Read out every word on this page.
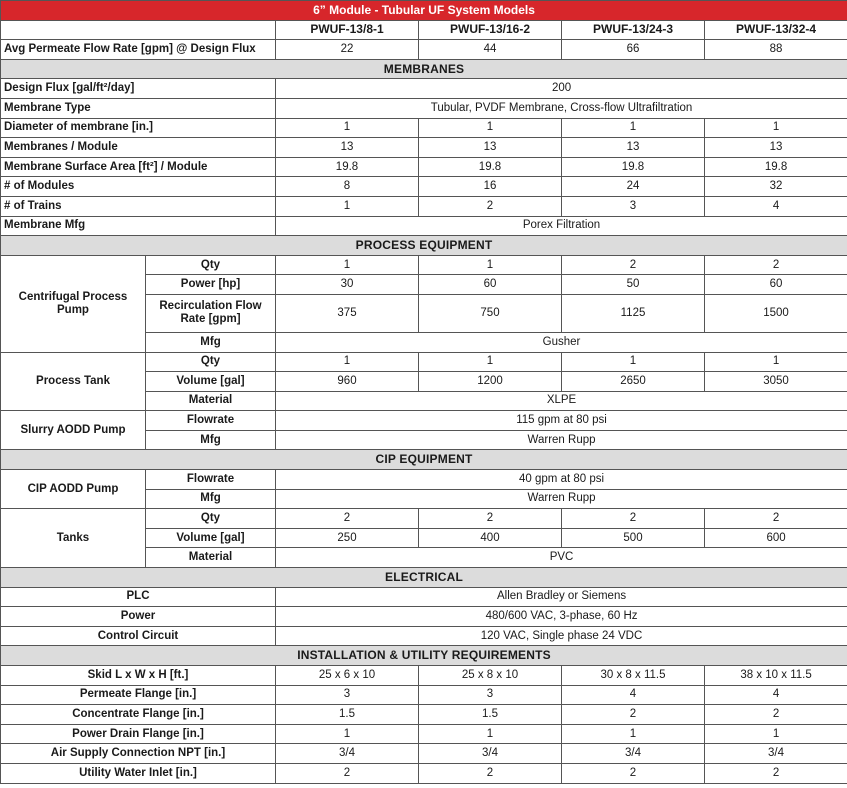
6” Module - Tubular UF System Models					
		PWUF-13/8-1	PWUF-13/16-2	PWUF-13/24-3	PWUF-13/32-4
Avg Permeate Flow Rate [gpm] @ Design Flux		22	44	66	88
MEMBRANES					
Design Flux [gal/ft²/day]		200			
Membrane Type		Tubular, PVDF Membrane, Cross-flow Ultrafiltration			
Diameter of membrane [in.]		1	1	1	1
Membranes / Module		13	13	13	13
Membrane Surface Area [ft²] / Module		19.8	19.8	19.8	19.8
# of Modules		8	16	24	32
# of Trains		1	2	3	4
Membrane Mfg		Porex Filtration			
PROCESS EQUIPMENT					
Centrifugal Process Pump	Qty	1	1	2	2
	Power [hp]	30	60	50	60
	Recirculation Flow Rate [gpm]	375	750	1125	1500
	Mfg	Gusher			
Process Tank	Qty	1	1	1	1
	Volume [gal]	960	1200	2650	3050
	Material	XLPE			
Slurry AODD Pump	Flowrate	115 gpm at 80 psi			
	Mfg	Warren Rupp			
CIP EQUIPMENT					
CIP AODD Pump	Flowrate	40 gpm at 80 psi			
	Mfg	Warren Rupp			
Tanks	Qty	2	2	2	2
	Volume [gal]	250	400	500	600
	Material	PVC			
ELECTRICAL					
PLC		Allen Bradley or Siemens			
Power		480/600 VAC, 3-phase, 60 Hz			
Control Circuit		120 VAC, Single phase 24 VDC			
INSTALLATION & UTILITY REQUIREMENTS					
Skid L x W x H [ft.]		25 x 6 x 10	25 x 8 x 10	30 x 8 x 11.5	38 x 10 x 11.5
Permeate Flange [in.]		3	3	4	4
Concentrate Flange [in.]		1.5	1.5	2	2
Power Drain Flange [in.]		1	1	1	1
Air Supply Connection NPT [in.]		3/4	3/4	3/4	3/4
Utility Water Inlet [in.]		2	2	2	2
